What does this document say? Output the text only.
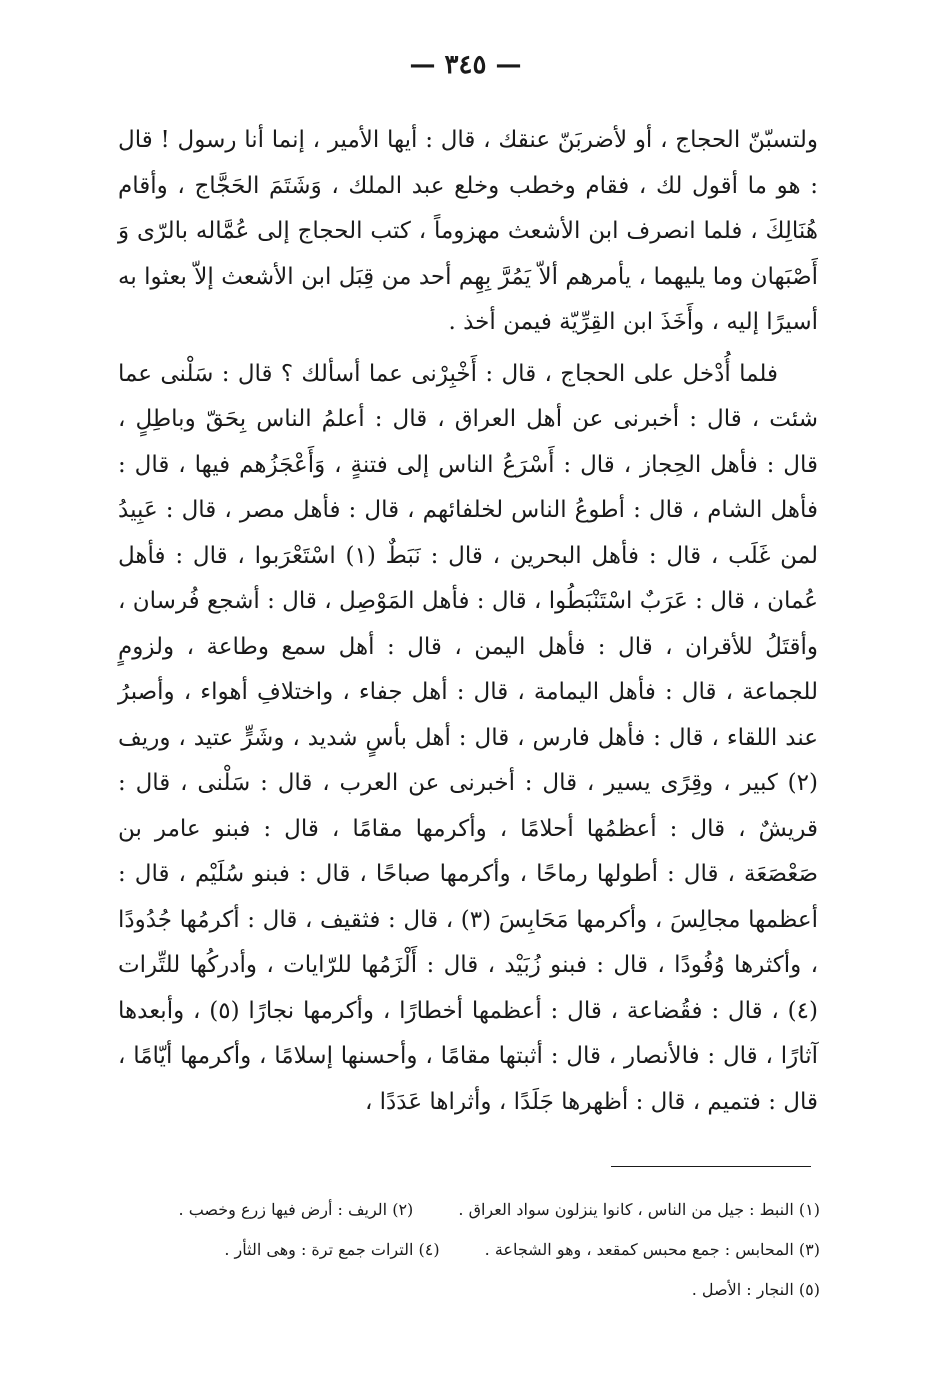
— ٣٤٥ —

ولتسبّنّ الحجاج ، أو لأضربَنّ عنقك ، قال : أيها الأمير ، إنما أنا رسول ! قال : هو ما أقول لك ، فقام وخطب وخلع عبد الملك ، وَشَتَمَ الحَجَّاج ، وأقام هُنَالِكَ ، فلما انصرف ابن الأشعث مهزوماً ، كتب الحجاج إلى عُمَّاله بالرّى وَ أَصْبَهان وما يليهما ، يأمرهم ألاّ يَمُرَّ بِهِم أحد من قِبَل ابن الأشعث إلاّ بعثوا به أسيرًا إليه ، وأَخَذَ ابن القِرِّيّة فيمن أخذ .

فلما أُدْخل على الحجاج ، قال : أَخْبِرْنى عما أسألك ؟ قال : سَلْنى عما شئت ، قال : أخبرنى عن أهل العراق ، قال : أعلمُ الناس بِحَقّ وباطِلٍ ، قال : فأهل الحِجاز ، قال : أَسْرَعُ الناس إلى فتنةٍ ، وَأَعْجَزُهم فيها ، قال : فأهل الشام ، قال : أطوعُ الناس لخلفائهم ، قال : فأهل مصر ، قال : عَبِيدُ لمن غَلَب ، قال : فأهل البحرين ، قال : نَبَطٌ (١) اسْتَعْرَبوا ، قال : فأهل عُمان ، قال : عَرَبٌ اسْتَنْبَطُوا ، قال : فأهل المَوْصِل ، قال : أشجع فُرسان ، وأقتَلُ للأقران ، قال : فأهل اليمن ، قال : أهل سمع وطاعة ، ولزومٍ للجماعة ، قال : فأهل اليمامة ، قال : أهل جفاء ، واختلافِ أهواء ، وأصبرُ عند اللقاء ، قال : فأهل فارس ، قال : أهل بأسٍ شديد ، وشَرٍّ عتيد ، وريف (٢) كبير ، وقِرًى يسير ، قال : أخبرنى عن العرب ، قال : سَلْنى ، قال : قريشٌ ، قال : أعظمُها أحلامًا ، وأكرمها مقامًا ، قال : فبنو عامر بن صَعْصَعَة ، قال : أطولها رماحًا ، وأكرمها صباحًا ، قال : فبنو سُلَيْم ، قال : أعظمها مجالِسَ ، وأكرمها مَحَابِسَ (٣) ، قال : فثقيف ، قال : أكرمُها جُدُودًا ، وأكثرها وُفُودًا ، قال : فبنو زُبَيْد ، قال : أَلْزَمُها للرّايات ، وأدركُها للتِّرات (٤) ، قال : فقُضاعة ، قال : أعظمها أخطارًا ، وأكرمها نجارًا (٥) ، وأبعدها آثارًا ، قال : فالأنصار ، قال : أثبتها مقامًا ، وأحسنها إسلامًا ، وأكرمها أيّامًا ، قال : فتميم ، قال : أظهرها جَلَدًا ، وأثراها عَدَدًا ،

(١) النبط : جيل من الناس ، كانوا ينزلون سواد العراق . (٢) الريف : أرض فيها زرع وخصب .
(٣) المحابس : جمع محبس كمقعد ، وهو الشجاعة . (٤) الترات جمع ترة : وهى الثأر .
(٥) النجار : الأصل .
